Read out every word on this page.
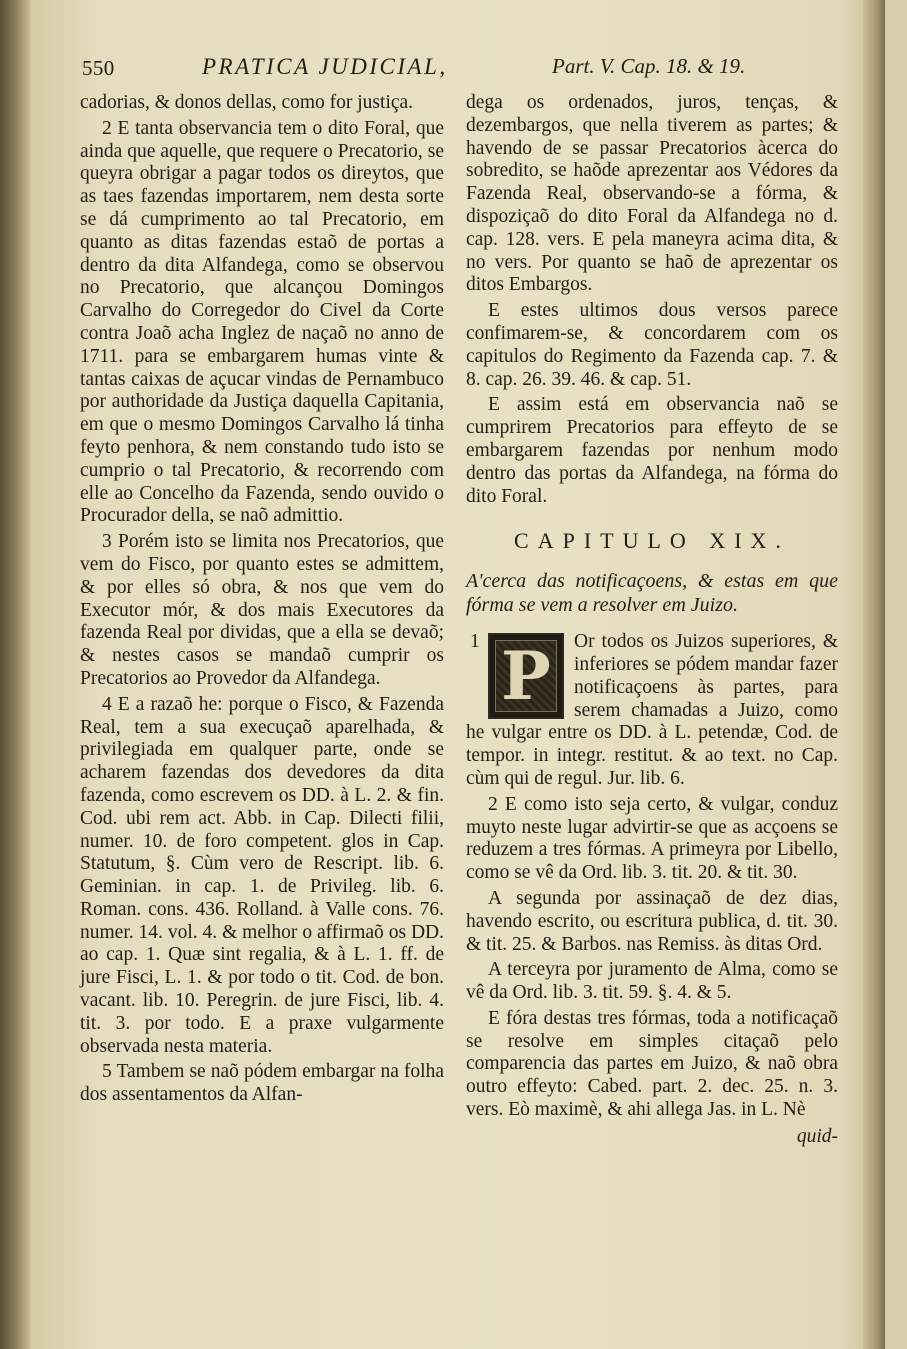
550	PRATICA JUDICIAL,	Part. V. Cap. 18. & 19.

cadorias, & donos dellas, como for justiça.

2 E tanta observancia tem o dito Foral, que ainda que aquelle, que requere o Precatorio, se queyra obrigar a pagar todos os direytos, que as taes fazendas importarem, nem desta sorte se dá cumprimento ao tal Precatorio, em quanto as ditas fazendas estaõ de portas a dentro da dita Alfandega, como se observou no Precatorio, que alcançou Domingos Carvalho do Corregedor do Civel da Corte contra Joaõ acha Inglez de naçaõ no anno de 1711. para se embargarem humas vinte & tantas caixas de açucar vindas de Pernambuco por authoridade da Justiça daquella Capitania, em que o mesmo Domingos Carvalho lá tinha feyto penhora, & nem constando tudo isto se cumprio o tal Precatorio, & recorrendo com elle ao Concelho da Fazenda, sendo ouvido o Procurador della, se naõ admittio.

3 Porém isto se limita nos Precatorios, que vem do Fisco, por quanto estes se admittem, & por elles só obra, & nos que vem do Executor mór, & dos mais Executores da fazenda Real por dividas, que a ella se devaõ; & nestes casos se mandaõ cumprir os Precatorios ao Provedor da Alfandega.

4 E a razaõ he: porque o Fisco, & Fazenda Real, tem a sua execuçaõ aparelhada, & privilegiada em qualquer parte, onde se acharem fazendas dos devedores da dita fazenda, como escrevem os DD. à L. 2. & fin. Cod. ubi rem act. Abb. in Cap. Dilecti filii, numer. 10. de foro competent. glos in Cap. Statutum, §. Cùm vero de Rescript. lib. 6. Geminian. in cap. 1. de Privileg. lib. 6. Roman. cons. 436. Rolland. à Valle cons. 76. numer. 14. vol. 4. & melhor o affirmaõ os DD. ao cap. 1. Quæ sint regalia, & à L. 1. ff. de jure Fisci, L. 1. & por todo o tit. Cod. de bon. vacant. lib. 10. Peregrin. de jure Fisci, lib. 4. tit. 3. por todo. E a praxe vulgarmente observada nesta materia.

5 Tambem se naõ pódem embargar na folha dos assentamentos da Alfan-

dega os ordenados, juros, tenças, & dezembargos, que nella tiverem as partes; & havendo de se passar Precatorios àcerca do sobredito, se haõde aprezentar aos Védores da Fazenda Real, observando-se a fórma, & dispoziçaõ do dito Foral da Alfandega no d. cap. 128. vers. E pela maneyra acima dita, & no vers. Por quanto se haõ de aprezentar os ditos Embargos.

E estes ultimos dous versos parece confimarem-se, & concordarem com os capitulos do Regimento da Fazenda cap. 7. & 8. cap. 26. 39. 46. & cap. 51.

E assim está em observancia naõ se cumprirem Precatorios para effeyto de se embargarem fazendas por nenhum modo dentro das portas da Alfandega, na fórma do dito Foral.

CAPITULO XIX.
A'cerca das notificaçoens, & estas em que fórma se vem a resolver em Juizo.
1 P	Or todos os Juizos superiores, & inferiores se pódem mandar fazer notificaçoens às partes, para serem chamadas a Juizo, como he vulgar entre os DD. à L. petendæ, Cod. de tempor. in integr. restitut. & ao text. no Cap. cùm qui de regul. Jur. lib. 6.

2 E como isto seja certo, & vulgar, conduz muyto neste lugar advirtir-se que as acçoens se reduzem a tres fórmas. A primeyra por Libello, como se vê da Ord. lib. 3. tit. 20. & tit. 30.

A segunda por assinaçaõ de dez dias, havendo escrito, ou escritura publica, d. tit. 30. & tit. 25. & Barbos. nas Remiss. às ditas Ord.

A terceyra por juramento de Alma, como se vê da Ord. lib. 3. tit. 59. §. 4. & 5.

E fóra destas tres fórmas, toda a notificaçaõ se resolve em simples citaçaõ pelo comparencia das partes em Juizo, & naõ obra outro effeyto: Cabed. part. 2. dec. 25. n. 3. vers. Eò maximè, & ahi allega Jas. in L. Nè

quid-
